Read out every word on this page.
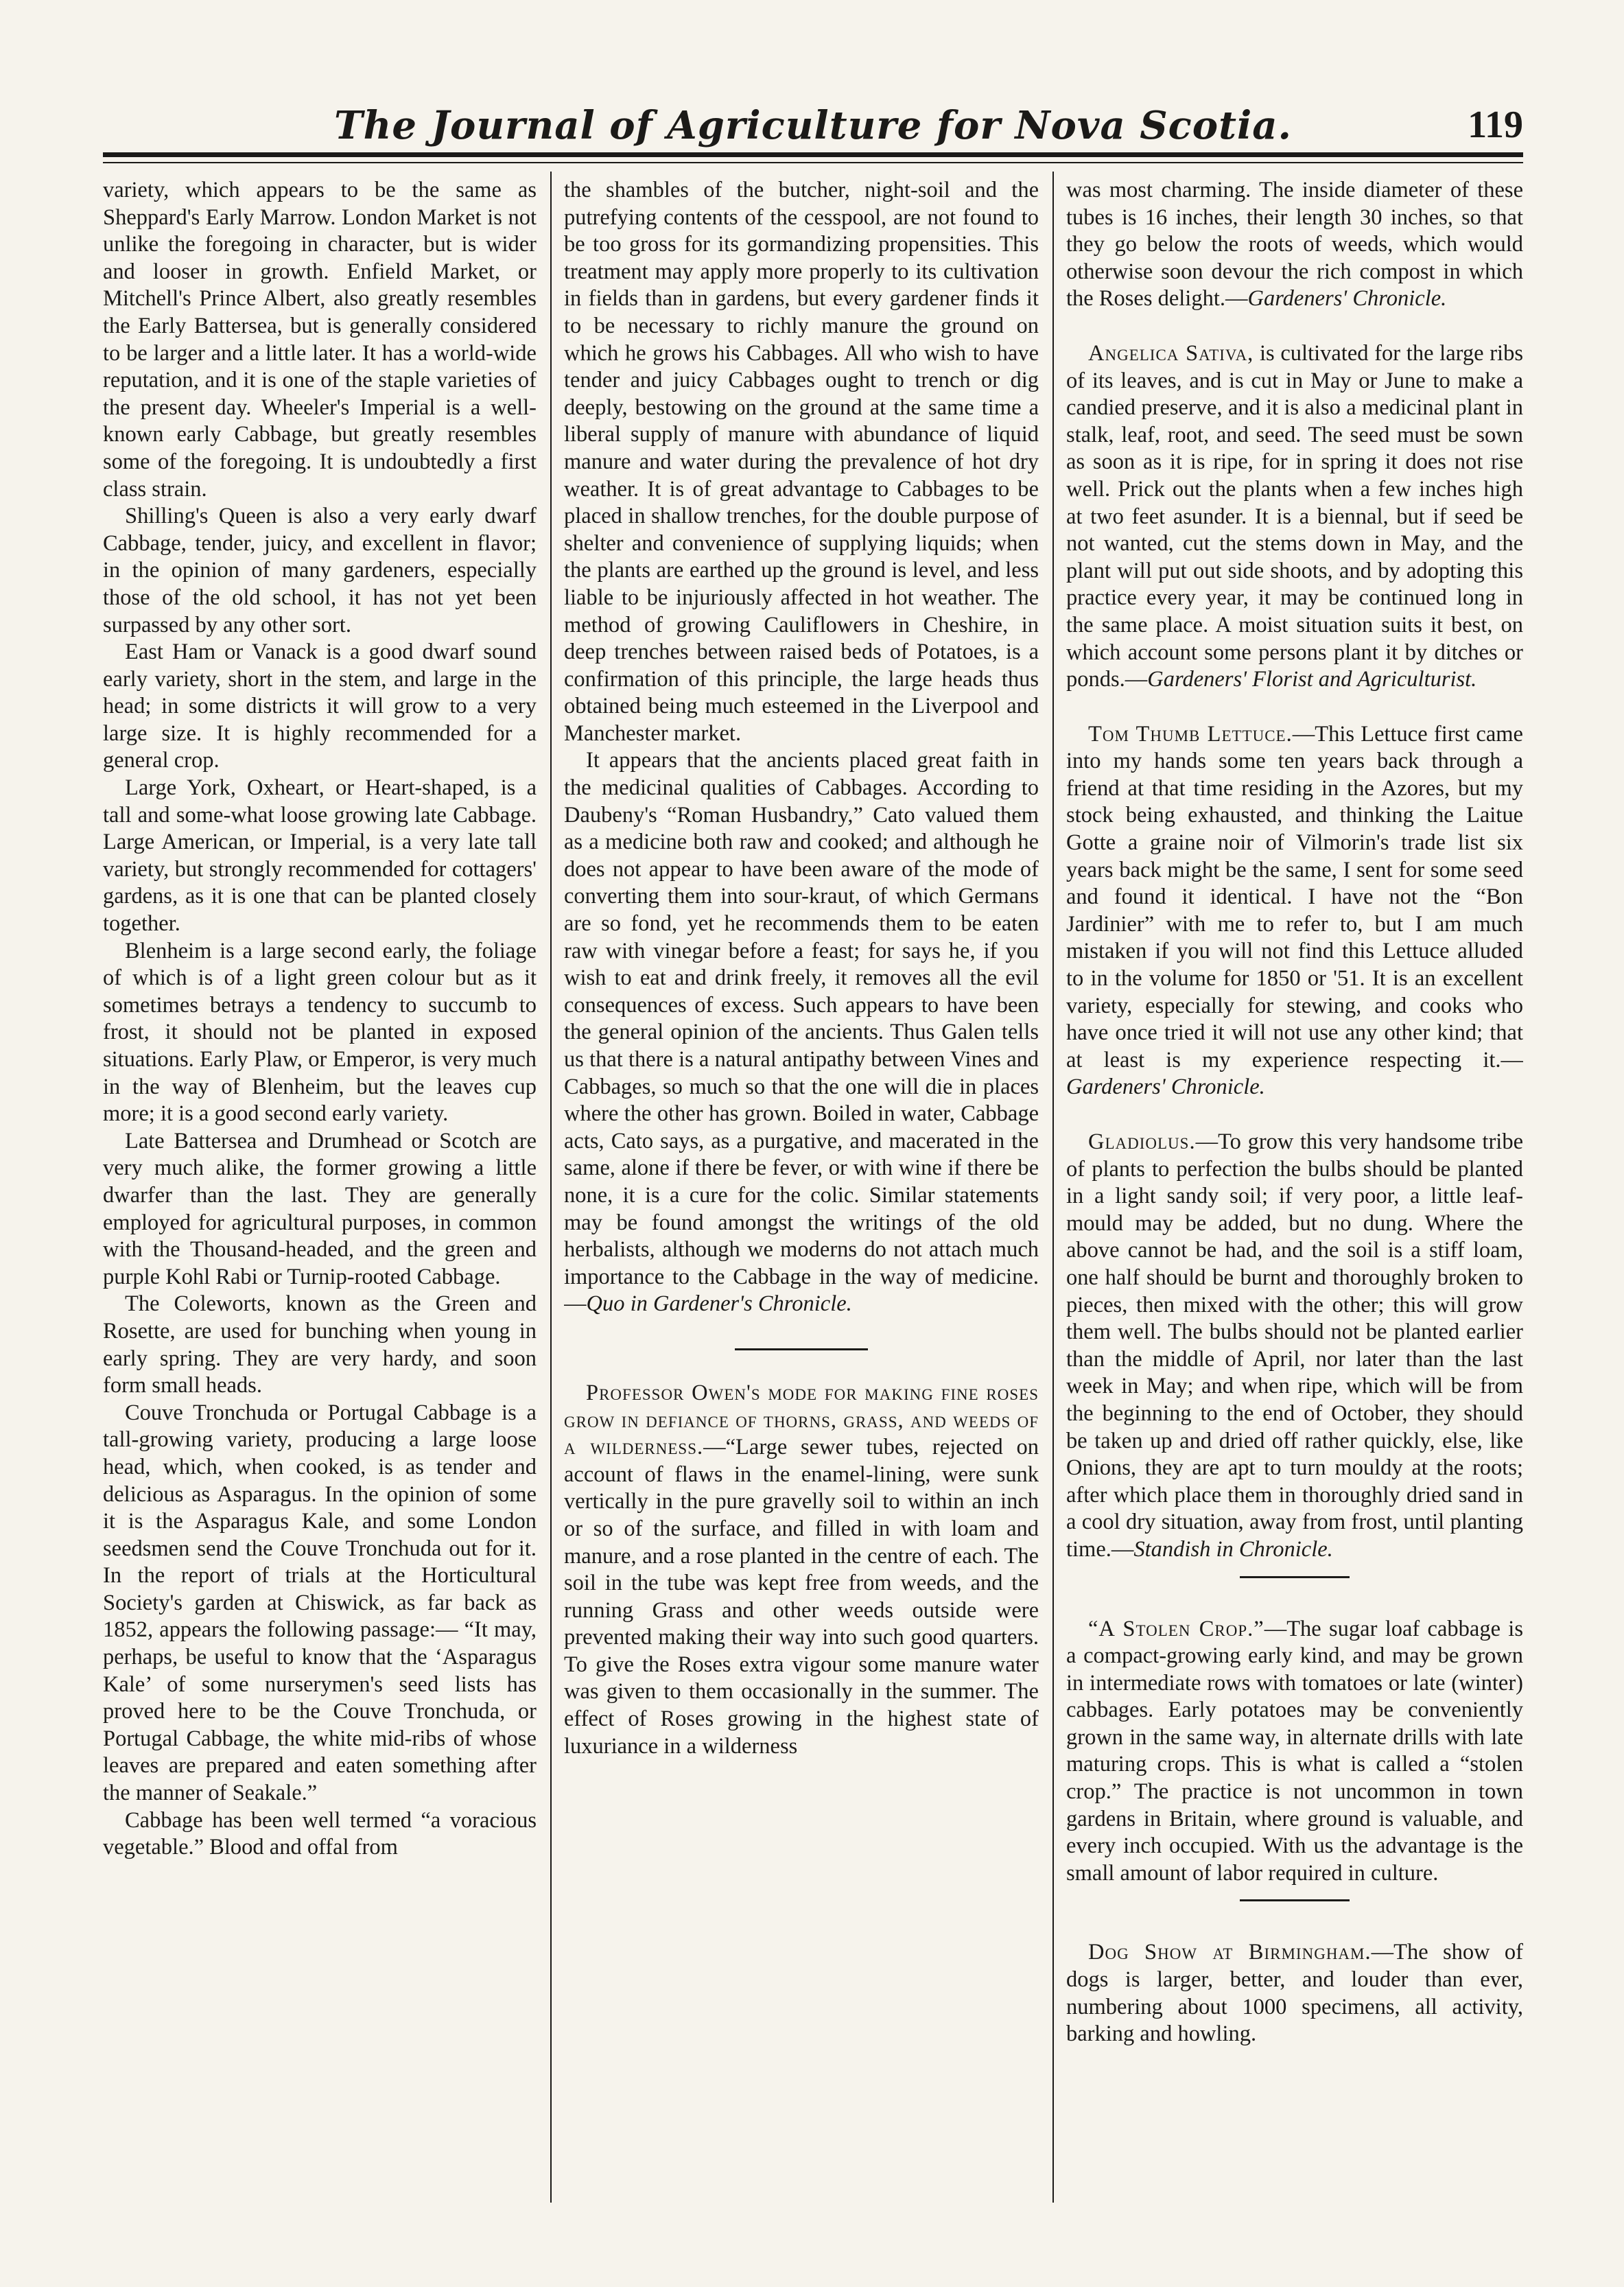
The Journal of Agriculture for Nova Scotia.	119

variety, which appears to be the same as Sheppard's Early Marrow. London Market is not unlike the foregoing in character, but is wider and looser in growth. Enfield Market, or Mitchell's Prince Albert, also greatly resembles the Early Battersea, but is generally considered to be larger and a little later. It has a world-wide reputation, and it is one of the staple varieties of the present day. Wheeler's Imperial is a well-known early Cabbage, but greatly resembles some of the foregoing. It is undoubtedly a first class strain.

Shilling's Queen is also a very early dwarf Cabbage, tender, juicy, and excellent in flavor; in the opinion of many gardeners, especially those of the old school, it has not yet been surpassed by any other sort.

East Ham or Vanack is a good dwarf sound early variety, short in the stem, and large in the head; in some districts it will grow to a very large size. It is highly recommended for a general crop.

Large York, Oxheart, or Heart-shaped, is a tall and some-what loose growing late Cabbage. Large American, or Imperial, is a very late tall variety, but strongly recommended for cottagers' gardens, as it is one that can be planted closely together.

Blenheim is a large second early, the foliage of which is of a light green colour but as it sometimes betrays a tendency to succumb to frost, it should not be planted in exposed situations. Early Plaw, or Emperor, is very much in the way of Blenheim, but the leaves cup more; it is a good second early variety.

Late Battersea and Drumhead or Scotch are very much alike, the former growing a little dwarfer than the last. They are generally employed for agricultural purposes, in common with the Thousand-headed, and the green and purple Kohl Rabi or Turnip-rooted Cabbage.

The Coleworts, known as the Green and Rosette, are used for bunching when young in early spring. They are very hardy, and soon form small heads.

Couve Tronchuda or Portugal Cabbage is a tall-growing variety, producing a large loose head, which, when cooked, is as tender and delicious as Asparagus. In the opinion of some it is the Asparagus Kale, and some London seedsmen send the Couve Tronchuda out for it. In the report of trials at the Horticultural Society's garden at Chiswick, as far back as 1852, appears the following passage:— “It may, perhaps, be useful to know that the ‘Asparagus Kale’ of some nurserymen's seed lists has proved here to be the Couve Tronchuda, or Portugal Cabbage, the white mid-ribs of whose leaves are prepared and eaten something after the manner of Seakale.”

Cabbage has been well termed “a voracious vegetable.” Blood and offal from

the shambles of the butcher, night-soil and the putrefying contents of the cesspool, are not found to be too gross for its gormandizing propensities. This treatment may apply more properly to its cultivation in fields than in gardens, but every gardener finds it to be necessary to richly manure the ground on which he grows his Cabbages. All who wish to have tender and juicy Cabbages ought to trench or dig deeply, bestowing on the ground at the same time a liberal supply of manure with abundance of liquid manure and water during the prevalence of hot dry weather. It is of great advantage to Cabbages to be placed in shallow trenches, for the double purpose of shelter and convenience of supplying liquids; when the plants are earthed up the ground is level, and less liable to be injuriously affected in hot weather. The method of growing Cauliflowers in Cheshire, in deep trenches between raised beds of Potatoes, is a confirmation of this principle, the large heads thus obtained being much esteemed in the Liverpool and Manchester market.

It appears that the ancients placed great faith in the medicinal qualities of Cabbages. According to Daubeny's “Roman Husbandry,” Cato valued them as a medicine both raw and cooked; and although he does not appear to have been aware of the mode of converting them into sour-kraut, of which Germans are so fond, yet he recommends them to be eaten raw with vinegar before a feast; for says he, if you wish to eat and drink freely, it removes all the evil consequences of excess. Such appears to have been the general opinion of the ancients. Thus Galen tells us that there is a natural antipathy between Vines and Cabbages, so much so that the one will die in places where the other has grown. Boiled in water, Cabbage acts, Cato says, as a purgative, and macerated in the same, alone if there be fever, or with wine if there be none, it is a cure for the colic. Similar statements may be found amongst the writings of the old herbalists, although we moderns do not attach much importance to the Cabbage in the way of medicine.—Quo in Gardener's Chronicle.

Professor Owen's mode for making fine roses grow in defiance of thorns, grass, and weeds of a wilderness.—“Large sewer tubes, rejected on account of flaws in the enamel-lining, were sunk vertically in the pure gravelly soil to within an inch or so of the surface, and filled in with loam and manure, and a rose planted in the centre of each. The soil in the tube was kept free from weeds, and the running Grass and other weeds outside were prevented making their way into such good quarters. To give the Roses extra vigour some manure water was given to them occasionally in the summer. The effect of Roses growing in the highest state of luxuriance in a wilderness

was most charming. The inside diameter of these tubes is 16 inches, their length 30 inches, so that they go below the roots of weeds, which would otherwise soon devour the rich compost in which the Roses delight.—Gardeners' Chronicle.

Angelica Sativa, is cultivated for the large ribs of its leaves, and is cut in May or June to make a candied preserve, and it is also a medicinal plant in stalk, leaf, root, and seed. The seed must be sown as soon as it is ripe, for in spring it does not rise well. Prick out the plants when a few inches high at two feet asunder. It is a biennal, but if seed be not wanted, cut the stems down in May, and the plant will put out side shoots, and by adopting this practice every year, it may be continued long in the same place. A moist situation suits it best, on which account some persons plant it by ditches or ponds.—Gardeners' Florist and Agriculturist.

Tom Thumb Lettuce.—This Lettuce first came into my hands some ten years back through a friend at that time residing in the Azores, but my stock being exhausted, and thinking the Laitue Gotte a graine noir of Vilmorin's trade list six years back might be the same, I sent for some seed and found it identical. I have not the “Bon Jardinier” with me to refer to, but I am much mistaken if you will not find this Lettuce alluded to in the volume for 1850 or '51. It is an excellent variety, especially for stewing, and cooks who have once tried it will not use any other kind; that at least is my experience respecting it.—Gardeners' Chronicle.

Gladiolus.—To grow this very handsome tribe of plants to perfection the bulbs should be planted in a light sandy soil; if very poor, a little leaf-mould may be added, but no dung. Where the above cannot be had, and the soil is a stiff loam, one half should be burnt and thoroughly broken to pieces, then mixed with the other; this will grow them well. The bulbs should not be planted earlier than the middle of April, nor later than the last week in May; and when ripe, which will be from the beginning to the end of October, they should be taken up and dried off rather quickly, else, like Onions, they are apt to turn mouldy at the roots; after which place them in thoroughly dried sand in a cool dry situation, away from frost, until planting time.—Standish in Chronicle.

“A Stolen Crop.”—The sugar loaf cabbage is a compact-growing early kind, and may be grown in intermediate rows with tomatoes or late (winter) cabbages. Early potatoes may be conveniently grown in the same way, in alternate drills with late maturing crops. This is what is called a “stolen crop.” The practice is not uncommon in town gardens in Britain, where ground is valuable, and every inch occupied. With us the advantage is the small amount of labor required in culture.

Dog Show at Birmingham.—The show of dogs is larger, better, and louder than ever, numbering about 1000 specimens, all activity, barking and howling.
